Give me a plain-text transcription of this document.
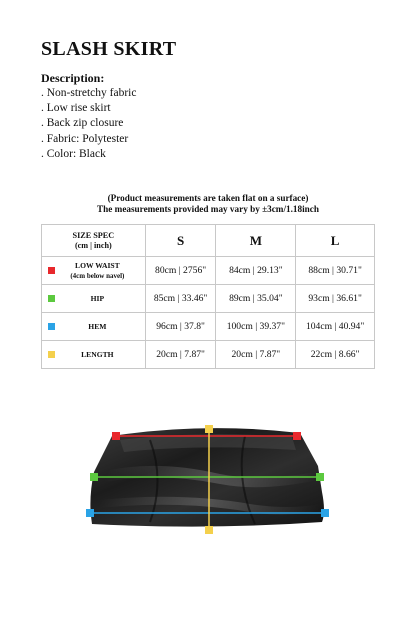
SLASH SKIRT
Description:
. Non-stretchy fabric
. Low rise skirt
. Back zip closure
. Fabric: Polytester
. Color: Black
(Product measurements are taken flat on a surface)
The measurements provided may vary by ±3cm/1.18inch
SIZE SPEC
(cm | inch)	S	M	L

LOW WAIST
(4cm below navel)	80cm | 2756"	84cm | 29.13"	88cm | 30.71"

HIP	85cm | 33.46"	89cm | 35.04"	93cm | 36.61"

HEM	96cm | 37.8"	100cm | 39.37"	104cm | 40.94"

LENGTH	20cm | 7.87"	20cm | 7.87"	22cm | 8.66"
